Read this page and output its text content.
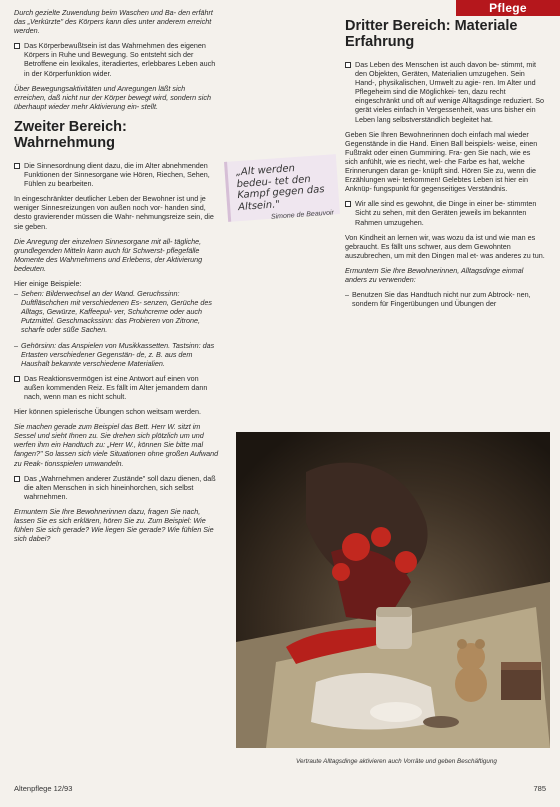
Pflege

Durch gezielte Zuwendung beim Waschen und Ba- den erfährt das „Verkürzte" des Körpers kann dies unter anderem erreicht werden.

Das Körperbewußtsein ist das Wahrnehmen des eigenen Körpers in Ruhe und Bewegung. So entsteht sich der Betroffene ein lexikales, iteradiertes, erlebbares Leben auch in der Körperfunktion wider.

Über Bewegungsaktivitäten und Anregungen läßt sich erreichen, daß nicht nur der Körper bewegt wird, sondern sich überhaupt wieder mehr Aktivierung ein- stellt.

Zweiter Bereich: Wahrnehmung

Die Sinnesordnung dient dazu, die im Alter abnehmenden Funktionen der Sinnesorgane wie Hören, Riechen, Sehen, Fühlen zu bearbeiten.

In eingeschränkter deutlicher Leben der Bewohner ist und je weniger Sinnesreizungen von außen noch vor- handen sind, desto gravierender müssen die Wahr- nehmungsreize sein, die sie geben.

Die Anregung der einzelnen Sinnesorgane mit all- tägliche, grundlegenden Mitteln kann auch für Schwerst- pflegefälle Momente des Wahrnehmens und Erlebens, der Aktivierung bedeuten.

Hier einige Beispiele:

– Sehen: Bilderwechsel an der Wand. Geruchssinn: Duftfläschchen mit verschiedenen Es- senzen, Gerüche des Alltags, Gewürze, Kaffeepul- ver, Schuhcreme oder auch Putzmittel. Geschmackssinn: das Probieren von Zitrone, scharfe oder süße Sachen.

– Gehörsinn: das Anspielen von Musikkassetten. Tastsinn: das Ertasten verschiedener Gegenstän- de, z. B. aus dem Haushalt bekannte verschiedene Materialien.

Das Reaktionsvermögen ist eine Antwort auf einen von außen kommenden Reiz. Es fällt im Alter jemandem dann nach, wenn man es nicht schult.

Hier können spielerische Übungen schon weitsam werden.

Sie machen gerade zum Beispiel das Bett. Herr W. sitzt im Sessel und sieht Ihnen zu. Sie drehen sich plötzlich um und werfen ihm ein Handtuch zu: „Herr W., können Sie bitte mal fangen?" So lassen sich viele Situationen ohne großen Aufwand zu Reak- tionsspielen umwandeln.

Das „Wahrnehmen anderer Zustände" soll dazu dienen, daß die alten Menschen in sich hineinhorchen, sich selbst wahrnehmen.

Ermuntern Sie Ihre Bewohnerinnen dazu, fragen Sie nach, lassen Sie es sich erklären, hören Sie zu. Zum Beispiel: Wie fühlen Sie sich gerade? Wie liegen Sie gerade? Wie fühlen Sie sich dabei?

„Alt werden bedeu- tet den Kampf gegen das Altsein."
Simone de Beauvoir
Dritter Bereich: Materiale Erfahrung

Das Leben des Menschen ist auch davon be- stimmt, mit den Objekten, Geräten, Materialien umzugehen. Sein Hand-, physikalischen, Umwelt zu agie- ren. Im Alter und Pflegeheim sind die Möglichkei- ten, dazu recht eingeschränkt und oft auf wenige Alltagsdinge reduziert. So gerät vieles einfach in Vergessenheit, was uns bisher ein Leben lang selbstverständlich begleitet hat.

Geben Sie Ihren Bewohnerinnen doch einfach mal wieder Gegenstände in die Hand. Einen Ball beispiels- weise, einen Fußtrakt oder einen Gummiring. Fra- gen Sie nach, wie es sich anfühlt, wie es riecht, wel- che Farbe es hat, welche Erinnerungen daran ge- knüpft sind. Hören Sie zu, wenn die Erzählungen wei- terkommen! Gelebtes Leben ist hier ein Anknüp- fungspunkt für gegenseitiges Verständnis.

Wir alle sind es gewohnt, die Dinge in einer be- stimmten Sicht zu sehen, mit den Geräten jeweils im bekannten Rahmen umzugehen.

Von Kindheit an lernen wir, was wozu da ist und wie man es gebraucht. Es fällt uns schwer, aus dem Gewohnten auszubrechen, um mit den Dingen mal et- was anderes zu tun.

Ermuntern Sie Ihre Bewohnerinnen, Alltagsdinge einmal anders zu verwenden:

– Benutzen Sie das Handtuch nicht nur zum Abtrock- nen, sondern für Fingerübungen und Übungen der

Vertraute Alltagsdinge aktivieren auch Vorräte und geben Beschäftigung
Altenpflege 12/93	785
